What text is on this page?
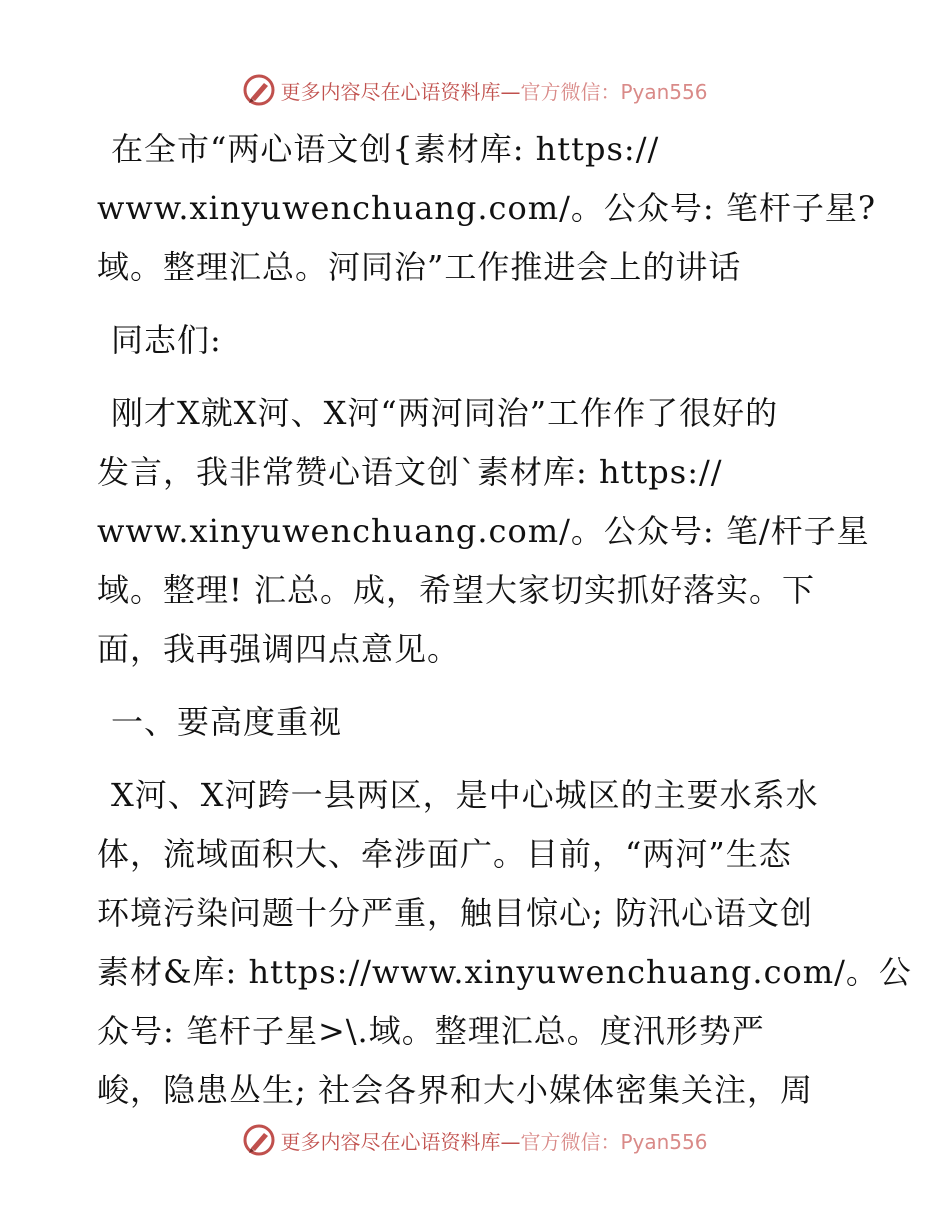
更多内容尽在心语资料库—官方微信：Pyan556
在全市“两心语文创{素材库: https://
www.xinyuwenchuang.com/。公众号: 笔杆子星?
域。整理汇总。河同治”工作推进会上的讲话
同志们:
刚才X就X河、X河“两河同治”工作作了很好的
发言，我非常赞心语文创`素材库: https://
www.xinyuwenchuang.com/。公众号: 笔/杆子星
域。整理! 汇总。成，希望大家切实抓好落实。下
面，我再强调四点意见。
一、要高度重视
X河、X河跨一县两区，是中心城区的主要水系水
体，流域面积大、牵涉面广。目前，“两河”生态
环境污染问题十分严重，触目惊心; 防汛心语文创
素材&库: https://www.xinyuwenchuang.com/。公
众号: 笔杆子星>\.域。整理汇总。度汛形势严
峻，隐患丛生; 社会各界和大小媒体密集关注，周
更多内容尽在心语资料库—官方微信：Pyan556
